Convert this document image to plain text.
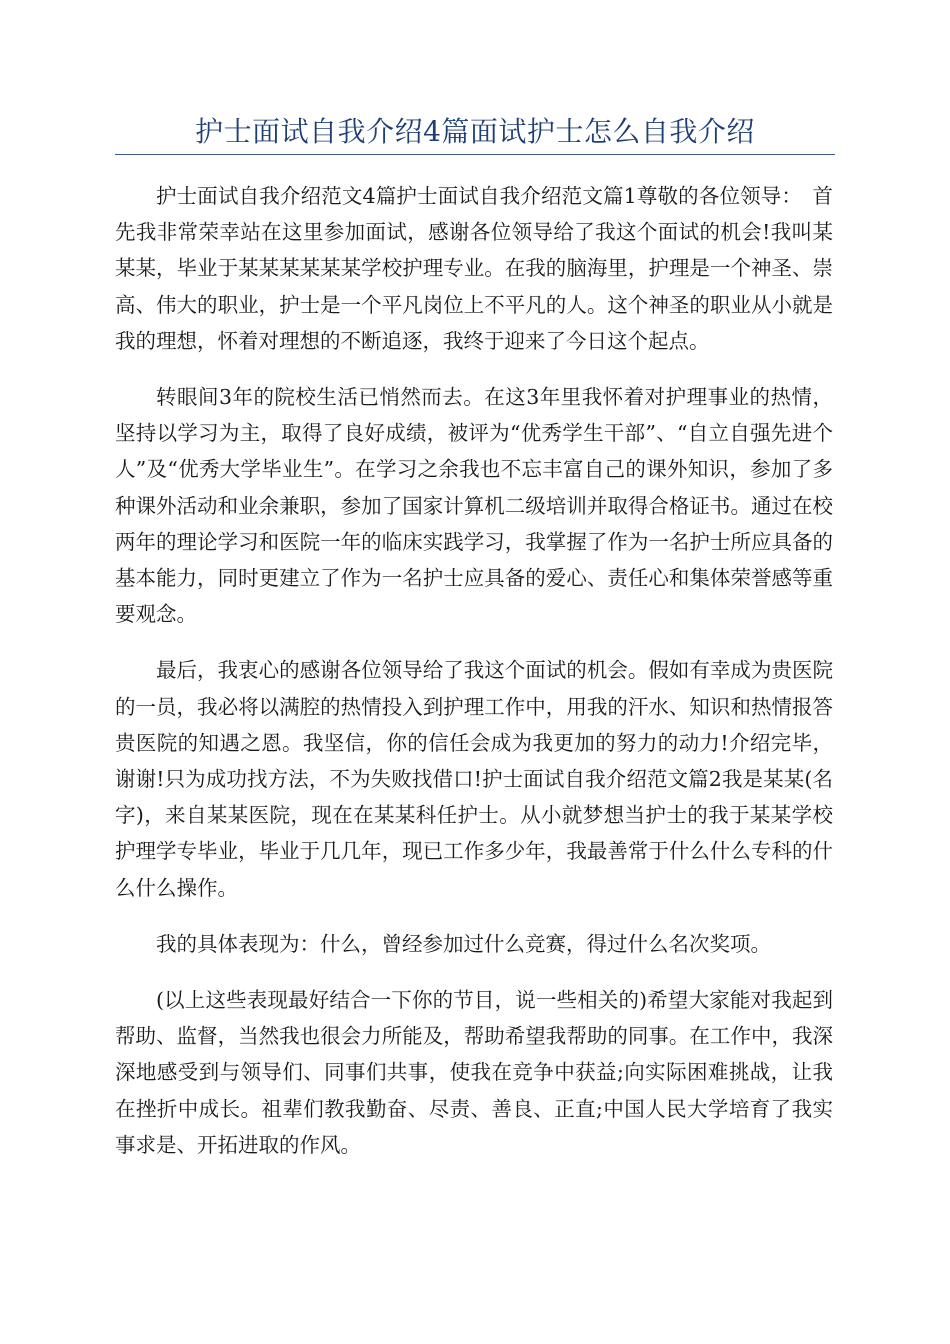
护士面试自我介绍4篇面试护士怎么自我介绍

护士面试自我介绍范文4篇护士面试自我介绍范文篇1尊敬的各位领导：　首先我非常荣幸站在这里参加面试，感谢各位领导给了我这个面试的机会!我叫某某某，毕业于某某某某某某学校护理专业。在我的脑海里，护理是一个神圣、崇高、伟大的职业，护士是一个平凡岗位上不平凡的人。这个神圣的职业从小就是我的理想，怀着对理想的不断追逐，我终于迎来了今日这个起点。

转眼间3年的院校生活已悄然而去。在这3年里我怀着对护理事业的热情，坚持以学习为主，取得了良好成绩，被评为“优秀学生干部”、“自立自强先进个人”及“优秀大学毕业生”。在学习之余我也不忘丰富自己的课外知识，参加了多种课外活动和业余兼职，参加了国家计算机二级培训并取得合格证书。通过在校两年的理论学习和医院一年的临床实践学习，我掌握了作为一名护士所应具备的基本能力，同时更建立了作为一名护士应具备的爱心、责任心和集体荣誉感等重要观念。

最后，我衷心的感谢各位领导给了我这个面试的机会。假如有幸成为贵医院的一员，我必将以满腔的热情投入到护理工作中，用我的汗水、知识和热情报答贵医院的知遇之恩。我坚信，你的信任会成为我更加的努力的动力!介绍完毕，谢谢!只为成功找方法，不为失败找借口!护士面试自我介绍范文篇2我是某某(名字)，来自某某医院，现在在某某科任护士。从小就梦想当护士的我于某某学校护理学专毕业，毕业于几几年，现已工作多少年，我最善常于什么什么专科的什么什么操作。

我的具体表现为：什么，曾经参加过什么竞赛，得过什么名次奖项。

(以上这些表现最好结合一下你的节目，说一些相关的)希望大家能对我起到帮助、监督，当然我也很会力所能及，帮助希望我帮助的同事。在工作中，我深深地感受到与领导们、同事们共事，使我在竞争中获益;向实际困难挑战，让我在挫折中成长。祖辈们教我勤奋、尽责、善良、正直;中国人民大学培育了我实事求是、开拓进取的作风。
